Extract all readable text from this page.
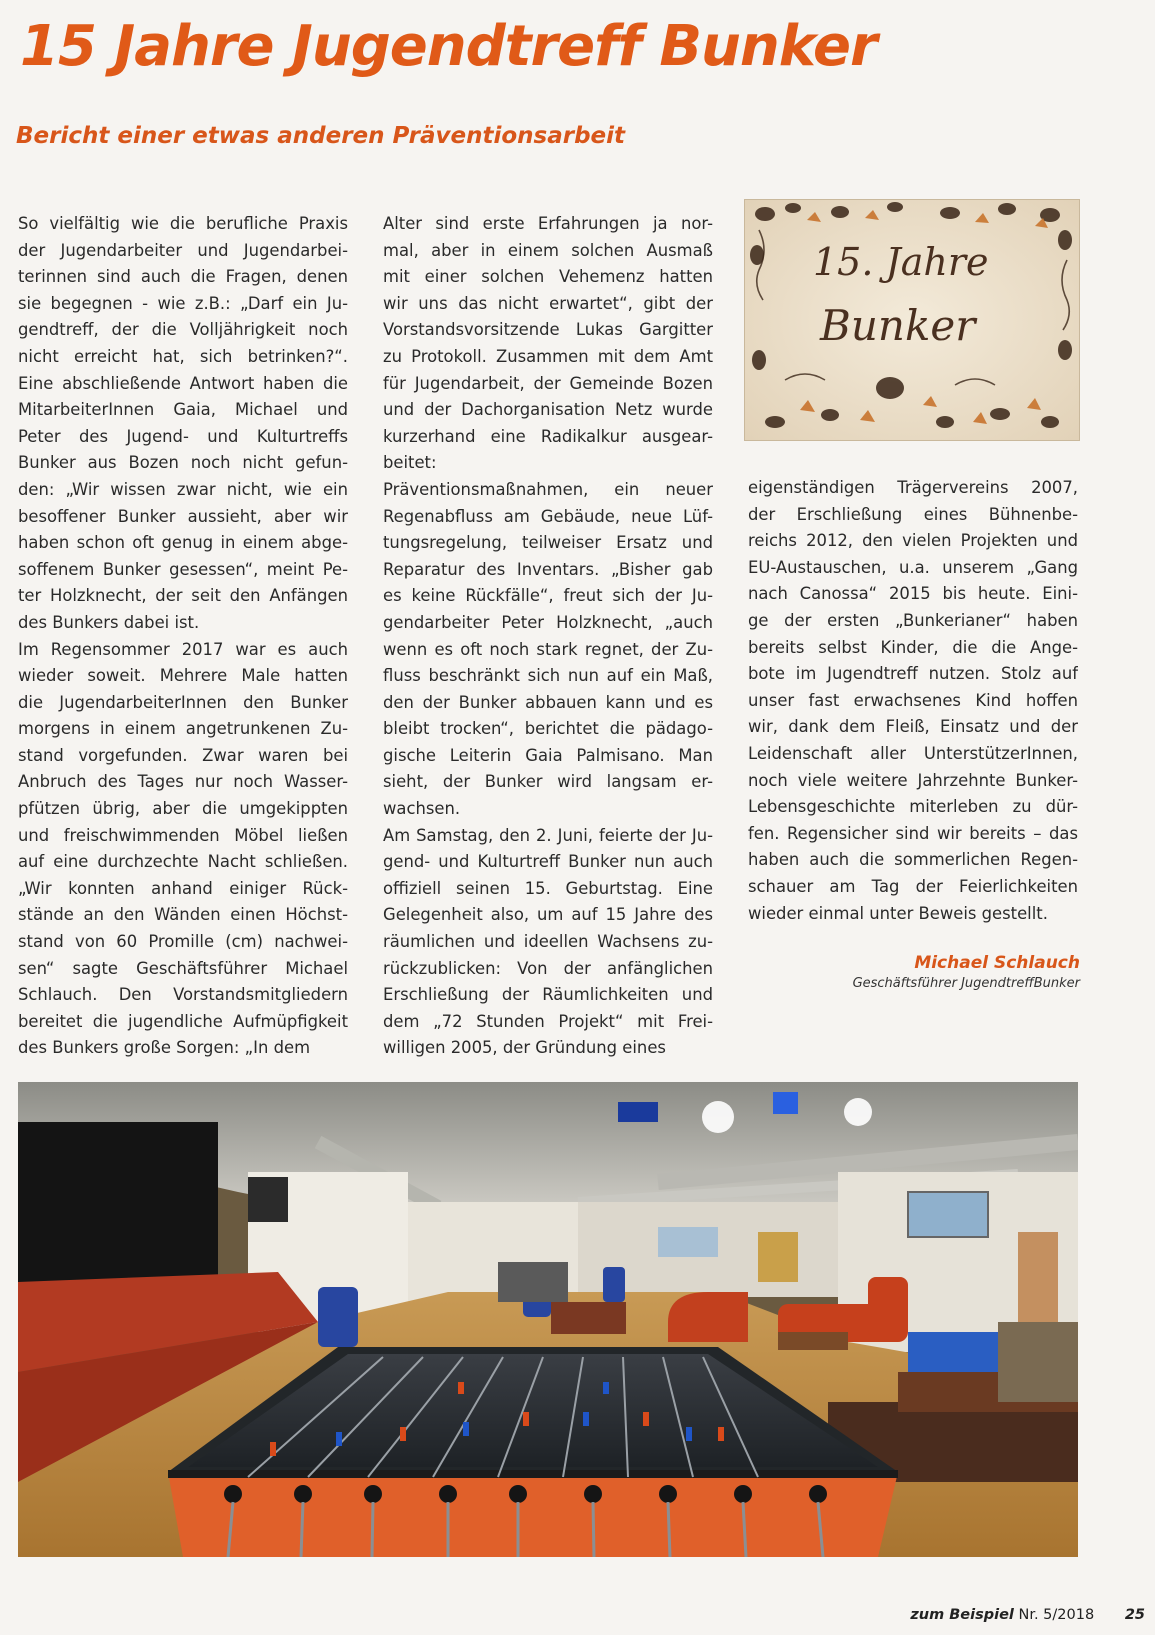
15 Jahre Jugendtreff Bunker
Bericht einer etwas anderen Präventionsarbeit
So vielfältig wie die berufliche Praxis
der Jugendarbeiter und Jugendarbei-
terinnen sind auch die Fragen, denen
sie begegnen - wie z.B.: „Darf ein Ju-
gendtreff, der die Volljährigkeit noch
nicht erreicht hat, sich betrinken?“.
Eine abschließende Antwort haben die
MitarbeiterInnen Gaia, Michael und
Peter des Jugend- und Kulturtreffs
Bunker aus Bozen noch nicht gefun-
den: „Wir wissen zwar nicht, wie ein
besoffener Bunker aussieht, aber wir
haben schon oft genug in einem abge-
soffenem Bunker gesessen“, meint Pe-
ter Holzknecht, der seit den Anfängen
des Bunkers dabei ist.
Im Regensommer 2017 war es auch
wieder soweit. Mehrere Male hatten
die JugendarbeiterInnen den Bunker
morgens in einem angetrunkenen Zu-
stand vorgefunden. Zwar waren bei
Anbruch des Tages nur noch Wasser-
pfützen übrig, aber die umgekippten
und freischwimmenden Möbel ließen
auf eine durchzechte Nacht schließen.
„Wir konnten anhand einiger Rück-
stände an den Wänden einen Höchst-
stand von 60 Promille (cm) nachwei-
sen“ sagte Geschäftsführer Michael
Schlauch. Den Vorstandsmitgliedern
bereitet die jugendliche Aufmüpfigkeit
des Bunkers große Sorgen: „In dem
Alter sind erste Erfahrungen ja nor-
mal, aber in einem solchen Ausmaß
mit einer solchen Vehemenz hatten
wir uns das nicht erwartet“, gibt der
Vorstandsvorsitzende Lukas Gargitter
zu Protokoll. Zusammen mit dem Amt
für Jugendarbeit, der Gemeinde Bozen
und der Dachorganisation Netz wurde
kurzerhand eine Radikalkur ausgear-
beitet:
Präventionsmaßnahmen, ein neuer
Regenabfluss am Gebäude, neue Lüf-
tungsregelung, teilweiser Ersatz und
Reparatur des Inventars. „Bisher gab
es keine Rückfälle“, freut sich der Ju-
gendarbeiter Peter Holzknecht, „auch
wenn es oft noch stark regnet, der Zu-
fluss beschränkt sich nun auf ein Maß,
den der Bunker abbauen kann und es
bleibt trocken“, berichtet die pädago-
gische Leiterin Gaia Palmisano. Man
sieht, der Bunker wird langsam er-
wachsen.
Am Samstag, den 2. Juni, feierte der Ju-
gend- und Kulturtreff Bunker nun auch
offiziell seinen 15. Geburtstag. Eine
Gelegenheit also, um auf 15 Jahre des
räumlichen und ideellen Wachsens zu-
rückzublicken: Von der anfänglichen
Erschließung der Räumlichkeiten und
dem „72 Stunden Projekt“ mit Frei-
willigen 2005, der Gründung eines
eigenständigen Trägervereins 2007,
der Erschließung eines Bühnenbe-
reichs 2012, den vielen Projekten und
EU-Austauschen, u.a. unserem „Gang
nach Canossa“ 2015 bis heute. Eini-
ge der ersten „Bunkerianer“ haben
bereits selbst Kinder, die die Ange-
bote im Jugendtreff nutzen. Stolz auf
unser fast erwachsenes Kind hoffen
wir, dank dem Fleiß, Einsatz und der
Leidenschaft aller UnterstützerInnen,
noch viele weitere Jahrzehnte Bunker-
Lebensgeschichte miterleben zu dür-
fen. Regensicher sind wir bereits – das
haben auch die sommerlichen Regen-
schauer am Tag der Feierlichkeiten
wieder einmal unter Beweis gestellt.
15. Jahre
Bunker
Michael Schlauch
Geschäftsführer JugendtreffBunker
zum Beispiel Nr. 5/2018 25
